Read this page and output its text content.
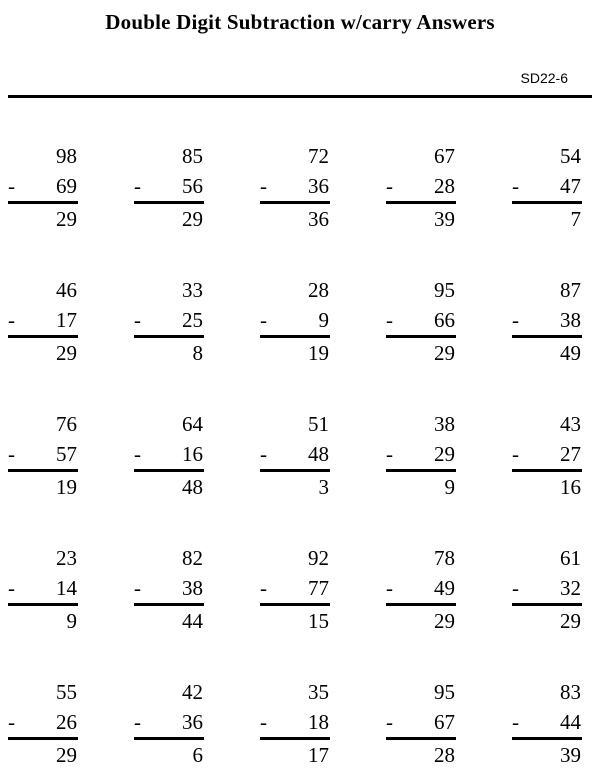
Double Digit Subtraction w/carry Answers
SD22-6
98
- 69
29
85
- 56
29
72
- 36
36
67
- 28
39
54
- 47
7
46
- 17
29
33
- 25
8
28
- 9
19
95
- 66
29
87
- 38
49
76
- 57
19
64
- 16
48
51
- 48
3
38
- 29
9
43
- 27
16
23
- 14
9
82
- 38
44
92
- 77
15
78
- 49
29
61
- 32
29
55
- 26
29
42
- 36
6
35
- 18
17
95
- 67
28
83
- 44
39
